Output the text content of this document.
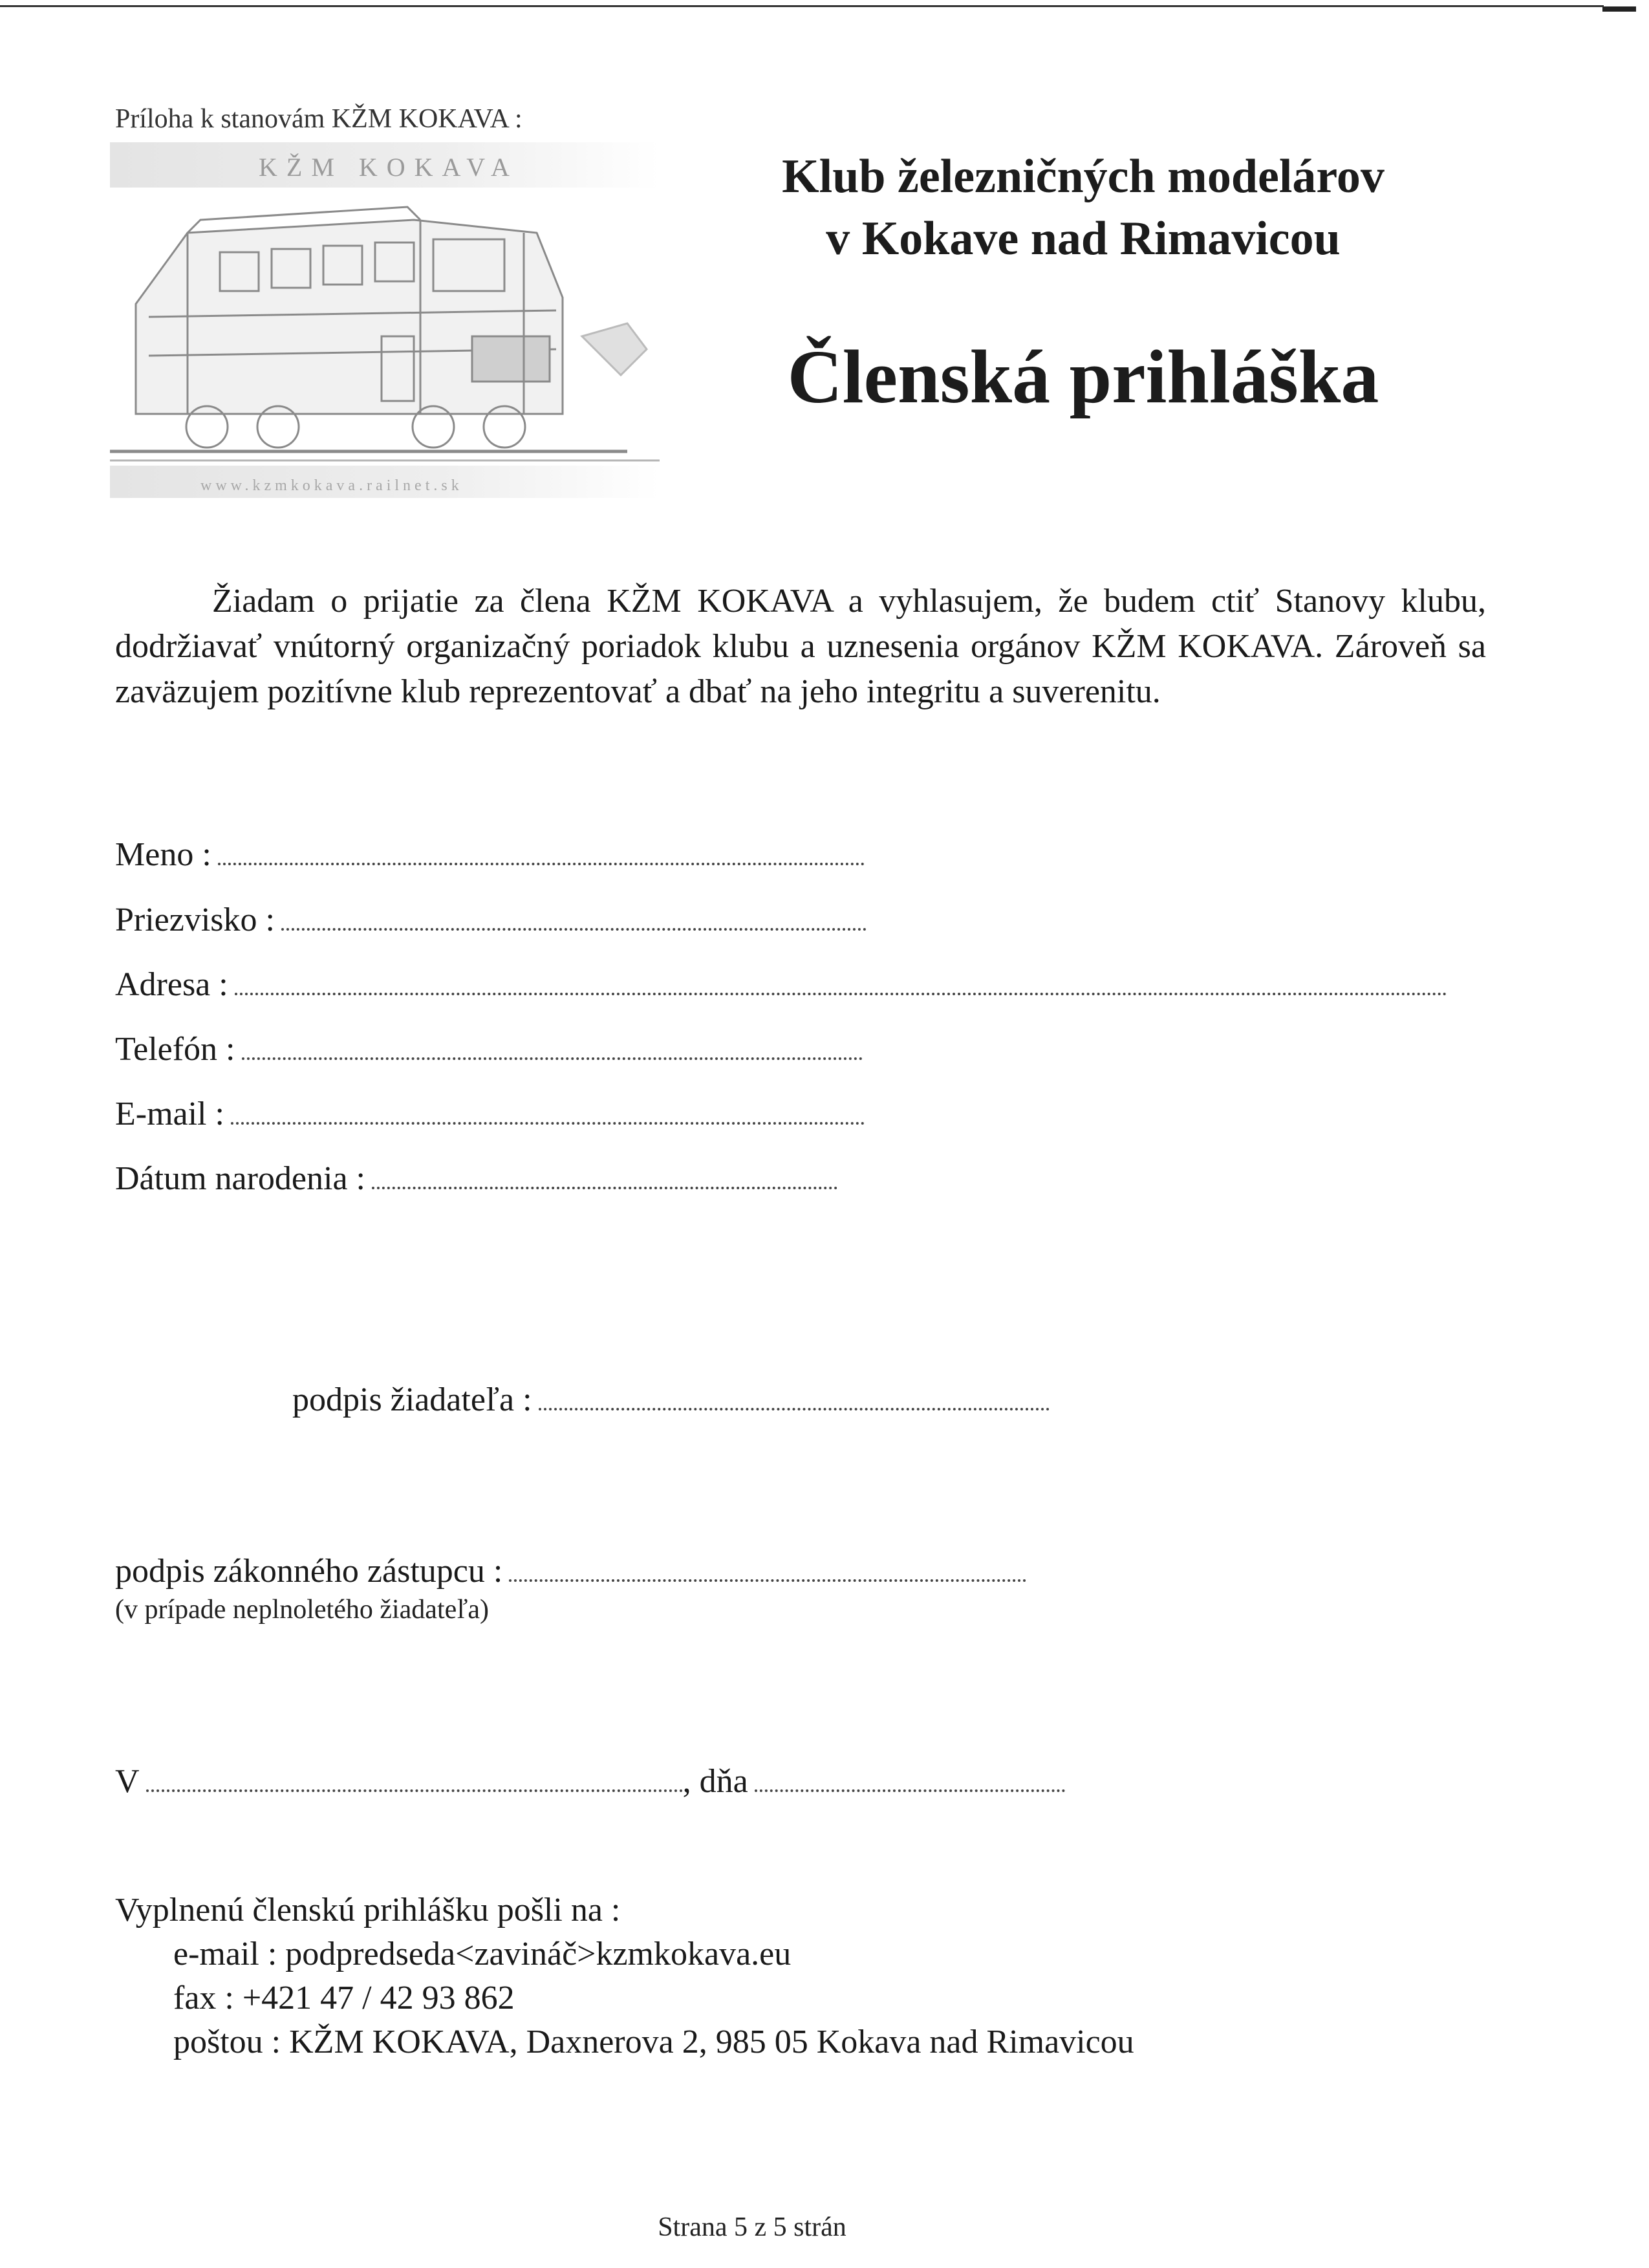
Príloha k stanovám KŽM KOKAVA :
KŽM KOKAVA
www.kzmkokava.railnet.sk
Klub železničných modelárov
v Kokave nad Rimavicou
Členská prihláška
Žiadam o prijatie za člena KŽM KOKAVA a vyhlasujem, že budem ctiť Stanovy klubu, dodržiavať vnútorný organizačný poriadok klubu a uznesenia orgánov KŽM KOKAVA. Zároveň sa zaväzujem pozitívne klub reprezentovať a dbať na jeho integritu a suverenitu.
Meno :
Priezvisko :
Adresa :
Telefón :
E-mail :
Dátum narodenia :
podpis žiadateľa :
podpis zákonného zástupcu :
(v prípade neplnoletého žiadateľa)
V	, dňa
Vyplnenú členskú prihlášku pošli na :
e-mail : podpredseda<zavináč>kzmkokava.eu
fax : +421 47 / 42 93 862
poštou : KŽM KOKAVA, Daxnerova 2, 985 05 Kokava nad Rimavicou
Strana 5 z 5 strán
